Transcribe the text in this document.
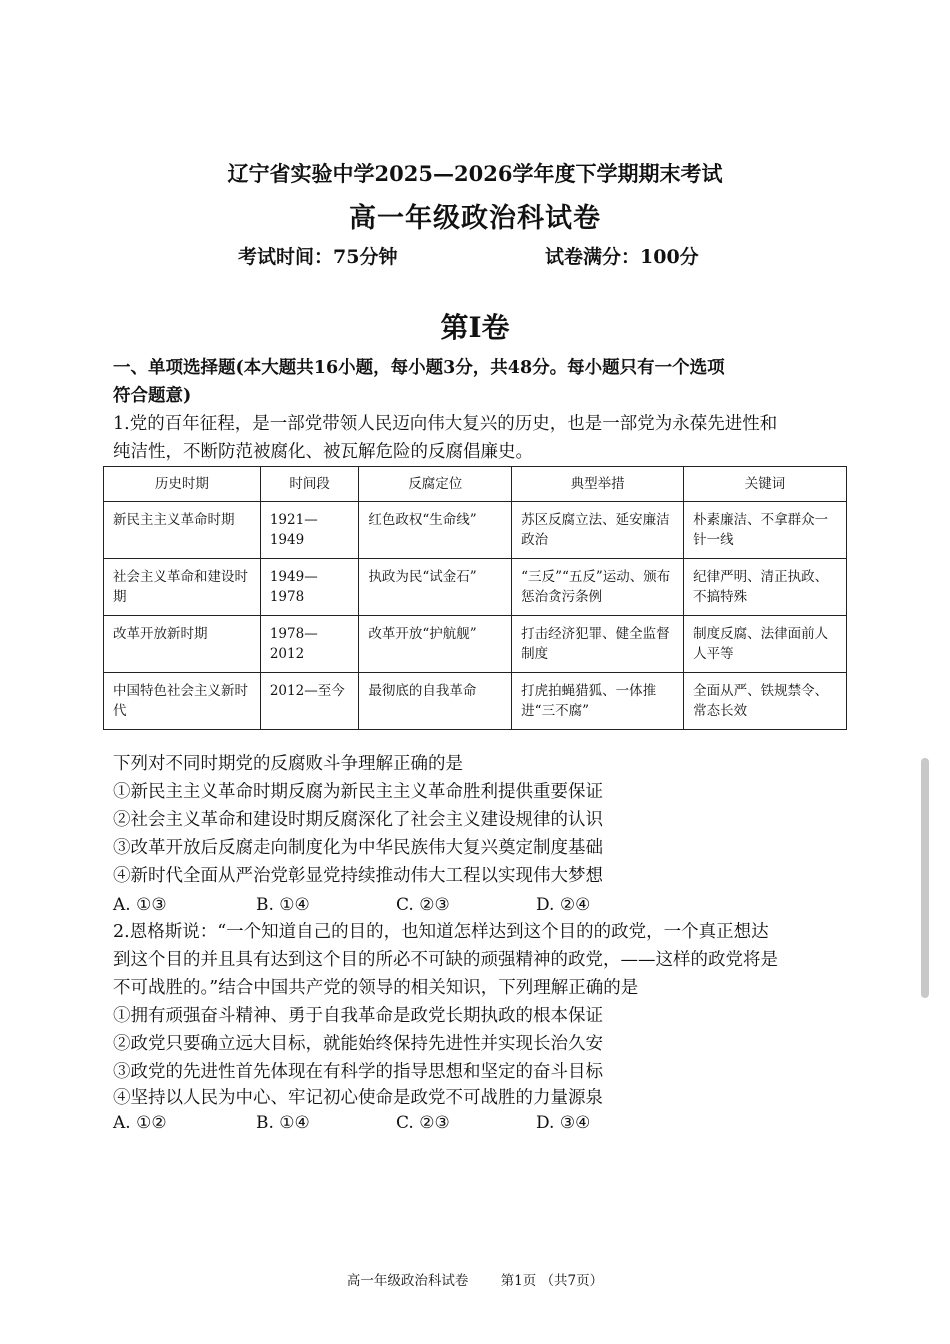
辽宁省实验中学2025—2026学年度下学期期末考试
高一年级政治科试卷
考试时间：75分钟	试卷满分：100分
第Ⅰ卷
一、单项选择题(本大题共16小题，每小题3分，共48分。每小题只有一个选项
符合题意)
1.党的百年征程，是一部党带领人民迈向伟大复兴的历史，也是一部党为永葆先进性和
纯洁性，不断防范被腐化、被瓦解危险的反腐倡廉史。
历史时期	时间段	反腐定位	典型举措	关键词
新民主主义革命时期	1921—1949	红色政权“生命线”	苏区反腐立法、延安廉洁政治	朴素廉洁、不拿群众一针一线
社会主义革命和建设时期	1949—1978	执政为民“试金石”	“三反”“五反”运动、颁布惩治贪污条例	纪律严明、清正执政、不搞特殊
改革开放新时期	1978—2012	改革开放“护航舰”	打击经济犯罪、健全监督制度	制度反腐、法律面前人人平等
中国特色社会主义新时代	2012—至今	最彻底的自我革命	打虎拍蝇猎狐、一体推进“三不腐”	全面从严、铁规禁令、常态长效
下列对不同时期党的反腐败斗争理解正确的是
①新民主主义革命时期反腐为新民主主义革命胜利提供重要保证
②社会主义革命和建设时期反腐深化了社会主义建设规律的认识
③改革开放后反腐走向制度化为中华民族伟大复兴奠定制度基础
④新时代全面从严治党彰显党持续推动伟大工程以实现伟大梦想
A. ①③	B. ①④	C. ②③	D. ②④
2.恩格斯说：“一个知道自己的目的，也知道怎样达到这个目的的政党，一个真正想达
到这个目的并且具有达到这个目的所必不可缺的顽强精神的政党，——这样的政党将是
不可战胜的。”结合中国共产党的领导的相关知识，下列理解正确的是
①拥有顽强奋斗精神、勇于自我革命是政党长期执政的根本保证
②政党只要确立远大目标，就能始终保持先进性并实现长治久安
③政党的先进性首先体现在有科学的指导思想和坚定的奋斗目标
④坚持以人民为中心、牢记初心使命是政党不可战胜的力量源泉
A. ①②	B. ①④	C. ②③	D. ③④
高一年级政治科试卷 第1页 （共7页）
